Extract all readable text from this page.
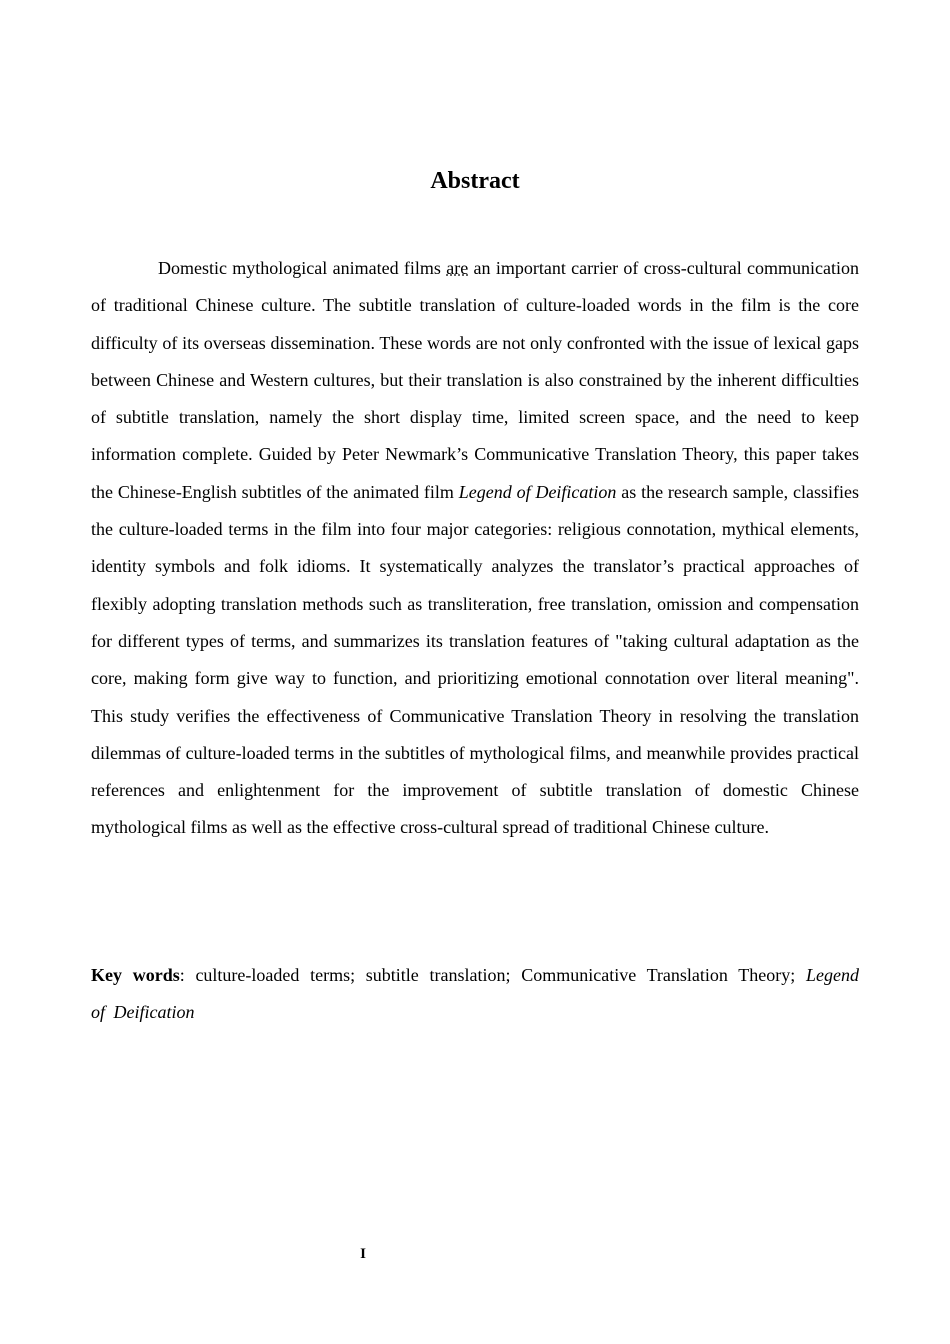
Abstract

Domestic mythological animated films are an important carrier of cross-cultural communication of traditional Chinese culture. The subtitle translation of culture-loaded words in the film is the core difficulty of its overseas dissemination. These words are not only confronted with the issue of lexical gaps between Chinese and Western cultures, but their translation is also constrained by the inherent difficulties of subtitle translation, namely the short display time, limited screen space, and the need to keep information complete. Guided by Peter Newmark’s Communicative Translation Theory, this paper takes the Chinese-English subtitles of the animated film Legend of Deification as the research sample, classifies the culture-loaded terms in the film into four major categories: religious connotation, mythical elements, identity symbols and folk idioms. It systematically analyzes the translator’s practical approaches of flexibly adopting translation methods such as transliteration, free translation, omission and compensation for different types of terms, and summarizes its translation features of "taking cultural adaptation as the core, making form give way to function, and prioritizing emotional connotation over literal meaning". This study verifies the effectiveness of Communicative Translation Theory in resolving the translation dilemmas of culture-loaded terms in the subtitles of mythological films, and meanwhile provides practical references and enlightenment for the improvement of subtitle translation of domestic Chinese mythological films as well as the effective cross-cultural spread of traditional Chinese culture.

Key words: culture-loaded terms; subtitle translation; Communicative Translation Theory; Legend of Deification

I
